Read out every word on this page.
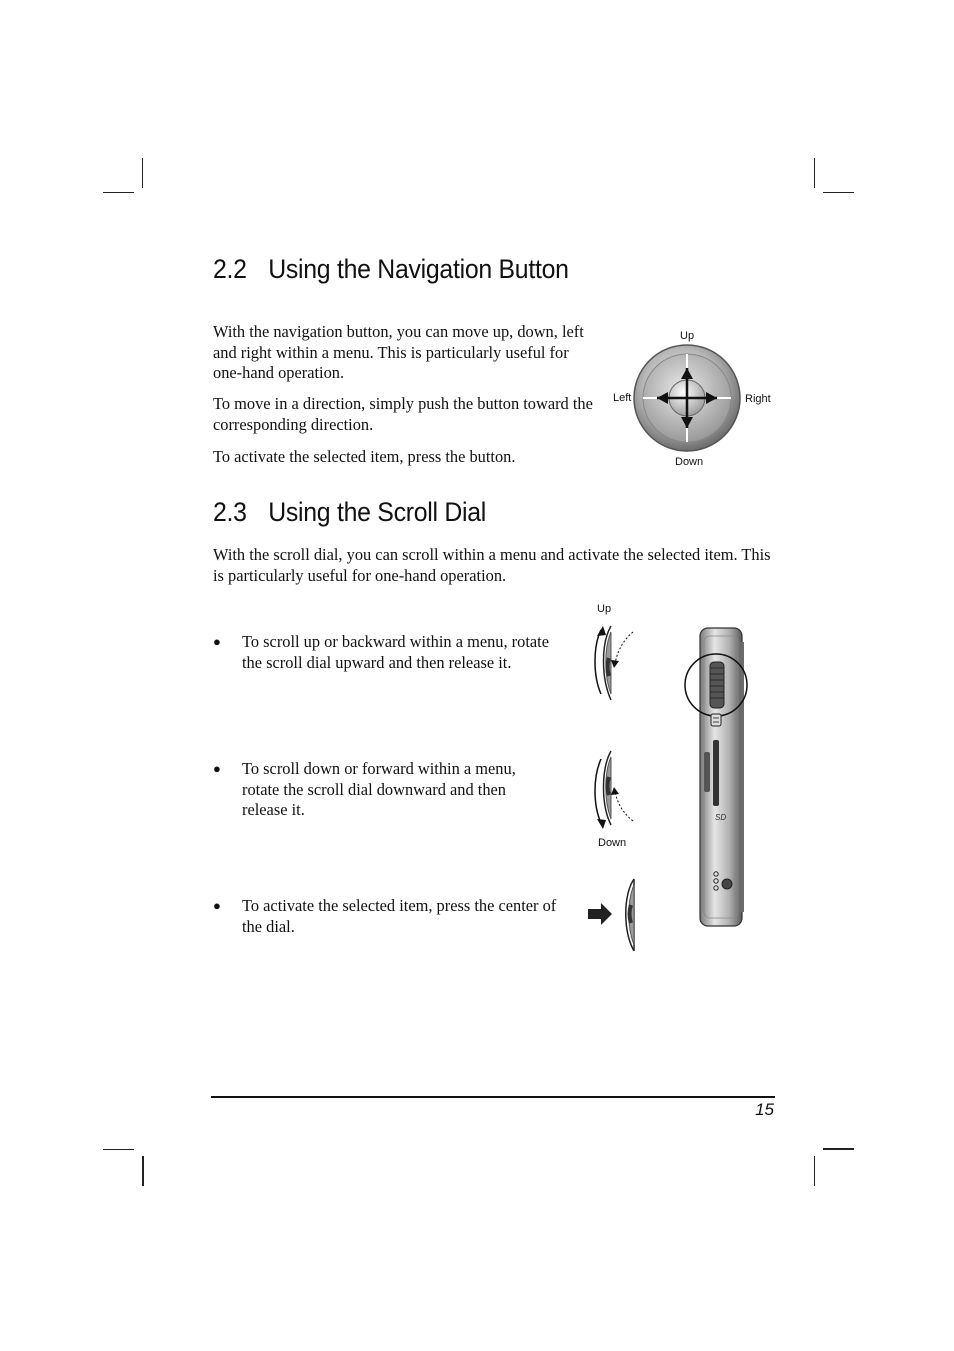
2.2 Using the Navigation Button

With the navigation button, you can move up, down, left and right within a menu. This is particularly useful for one-hand operation.

To move in a direction, simply push the button toward the corresponding direction.

To activate the selected item, press the button.

Up
Left	Right
Down
2.3 Using the Scroll Dial

With the scroll dial, you can scroll within a menu and activate the selected item. This is particularly useful for one-hand operation.

● To scroll up or backward within a menu, rotate the scroll dial upward and then release it.
● To scroll down or forward within a menu, rotate the scroll dial downward and then release it.
● To activate the selected item, press the center of the dial.
Up
Down
SD
15
